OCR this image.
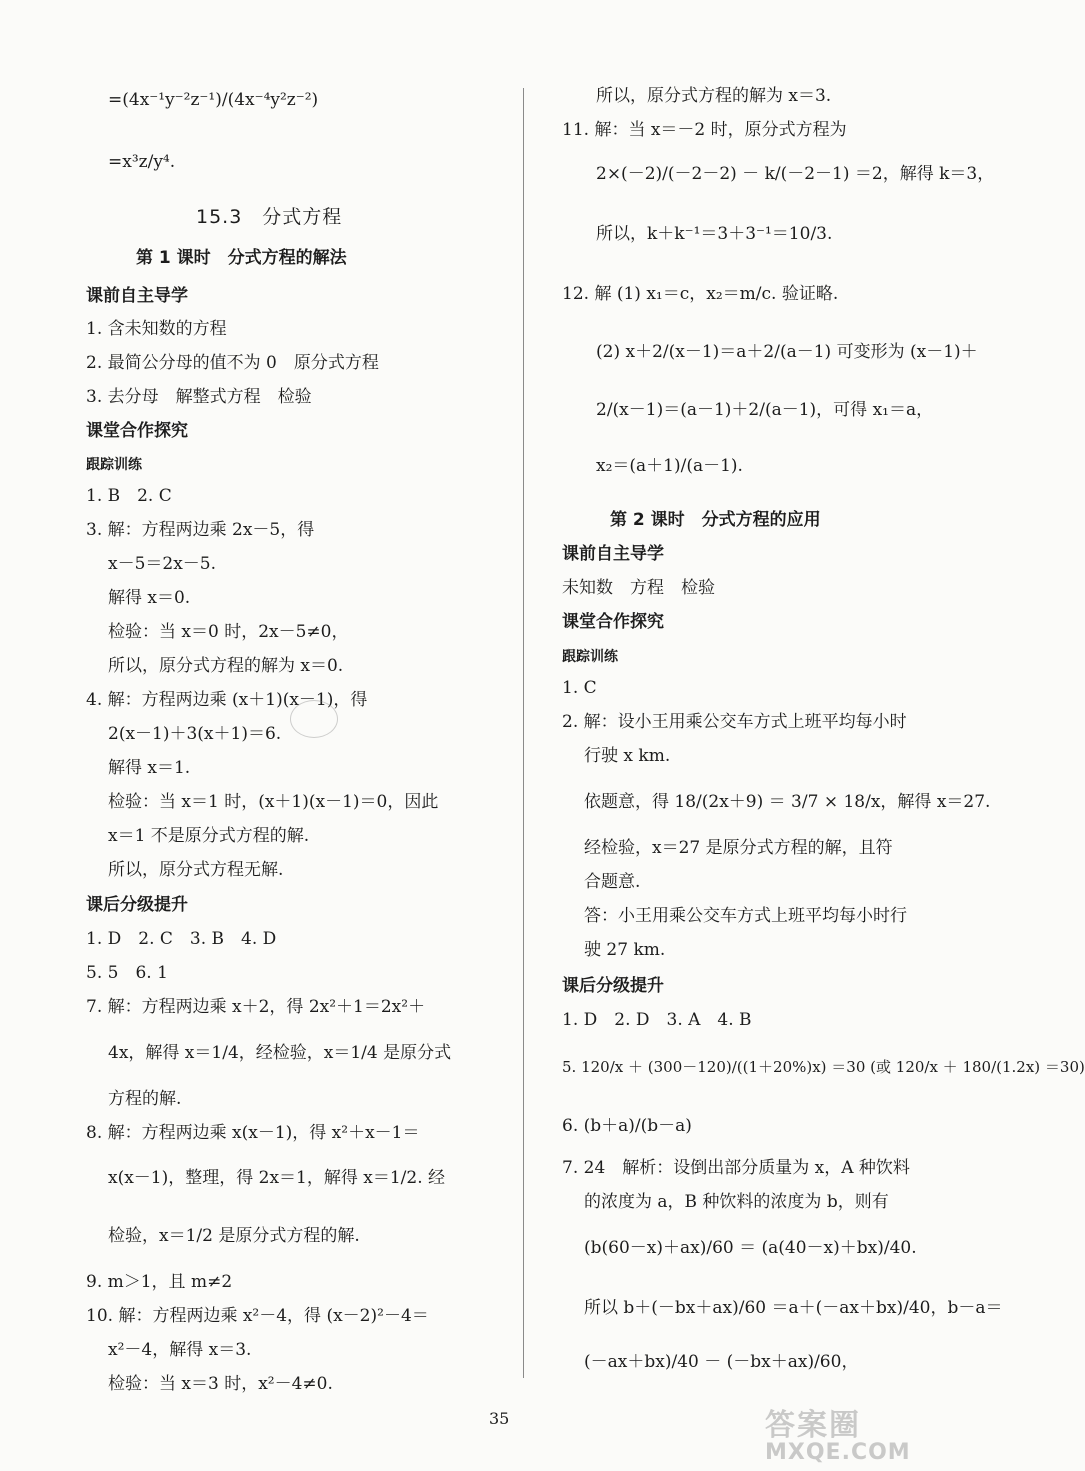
=(4x⁻¹y⁻²z⁻¹)/(4x⁻⁴y²z⁻²)
=x³z/y⁴.
15.3　分式方程
第 1 课时　分式方程的解法
课前自主导学
1. 含未知数的方程
2. 最简公分母的值不为 0　原分式方程
3. 去分母　解整式方程　检验
课堂合作探究
跟踪训练
1. B　2. C
3. 解：方程两边乘 2x－5，得
x－5＝2x－5.
解得 x＝0.
检验：当 x＝0 时，2x－5≠0，
所以，原分式方程的解为 x＝0.
4. 解：方程两边乘 (x＋1)(x－1)，得
2(x－1)＋3(x＋1)＝6.
解得 x＝1.
检验：当 x＝1 时，(x＋1)(x－1)＝0，因此
x＝1 不是原分式方程的解.
所以，原分式方程无解.
课后分级提升
1. D　2. C　3. B　4. D
5. 5　6. 1
7. 解：方程两边乘 x＋2，得 2x²＋1＝2x²＋
4x，解得 x＝1/4，经检验，x＝1/4 是原分式
方程的解.
8. 解：方程两边乘 x(x－1)，得 x²＋x－1＝
x(x－1)，整理，得 2x＝1，解得 x＝1/2. 经
检验，x＝1/2 是原分式方程的解.
9. m＞1，且 m≠2
10. 解：方程两边乘 x²－4，得 (x－2)²－4＝
x²－4，解得 x＝3.
检验：当 x＝3 时，x²－4≠0.
所以，原分式方程的解为 x＝3.
11. 解：当 x＝－2 时，原分式方程为
2×(－2)/(－2－2) － k/(－2－1) ＝2，解得 k＝3，
所以，k＋k⁻¹＝3＋3⁻¹＝10/3.
12. 解 (1) x₁＝c，x₂＝m/c. 验证略.
(2) x＋2/(x－1)＝a＋2/(a－1) 可变形为 (x－1)＋
2/(x－1)＝(a－1)＋2/(a－1)，可得 x₁＝a，
x₂＝(a＋1)/(a－1).
第 2 课时　分式方程的应用
课前自主导学
未知数　方程　检验
课堂合作探究
跟踪训练
1. C
2. 解：设小王用乘公交车方式上班平均每小时
行驶 x km.
依题意，得 18/(2x＋9) ＝ 3/7 × 18/x，解得 x＝27.
经检验，x＝27 是原分式方程的解，且符
合题意.
答：小王用乘公交车方式上班平均每小时行
驶 27 km.
课后分级提升
1. D　2. D　3. A　4. B
5. 120/x ＋ (300－120)/((1＋20%)x) ＝30 (或 120/x ＋ 180/(1.2x) ＝30)
6. (b＋a)/(b－a)
7. 24　解析：设倒出部分质量为 x，A 种饮料
的浓度为 a，B 种饮料的浓度为 b，则有
(b(60－x)＋ax)/60 ＝ (a(40－x)＋bx)/40.
所以 b＋(－bx＋ax)/60 ＝a＋(－ax＋bx)/40，b－a＝
(－ax＋bx)/40 － (－bx＋ax)/60，
35	答案圈
MXQE.COM
